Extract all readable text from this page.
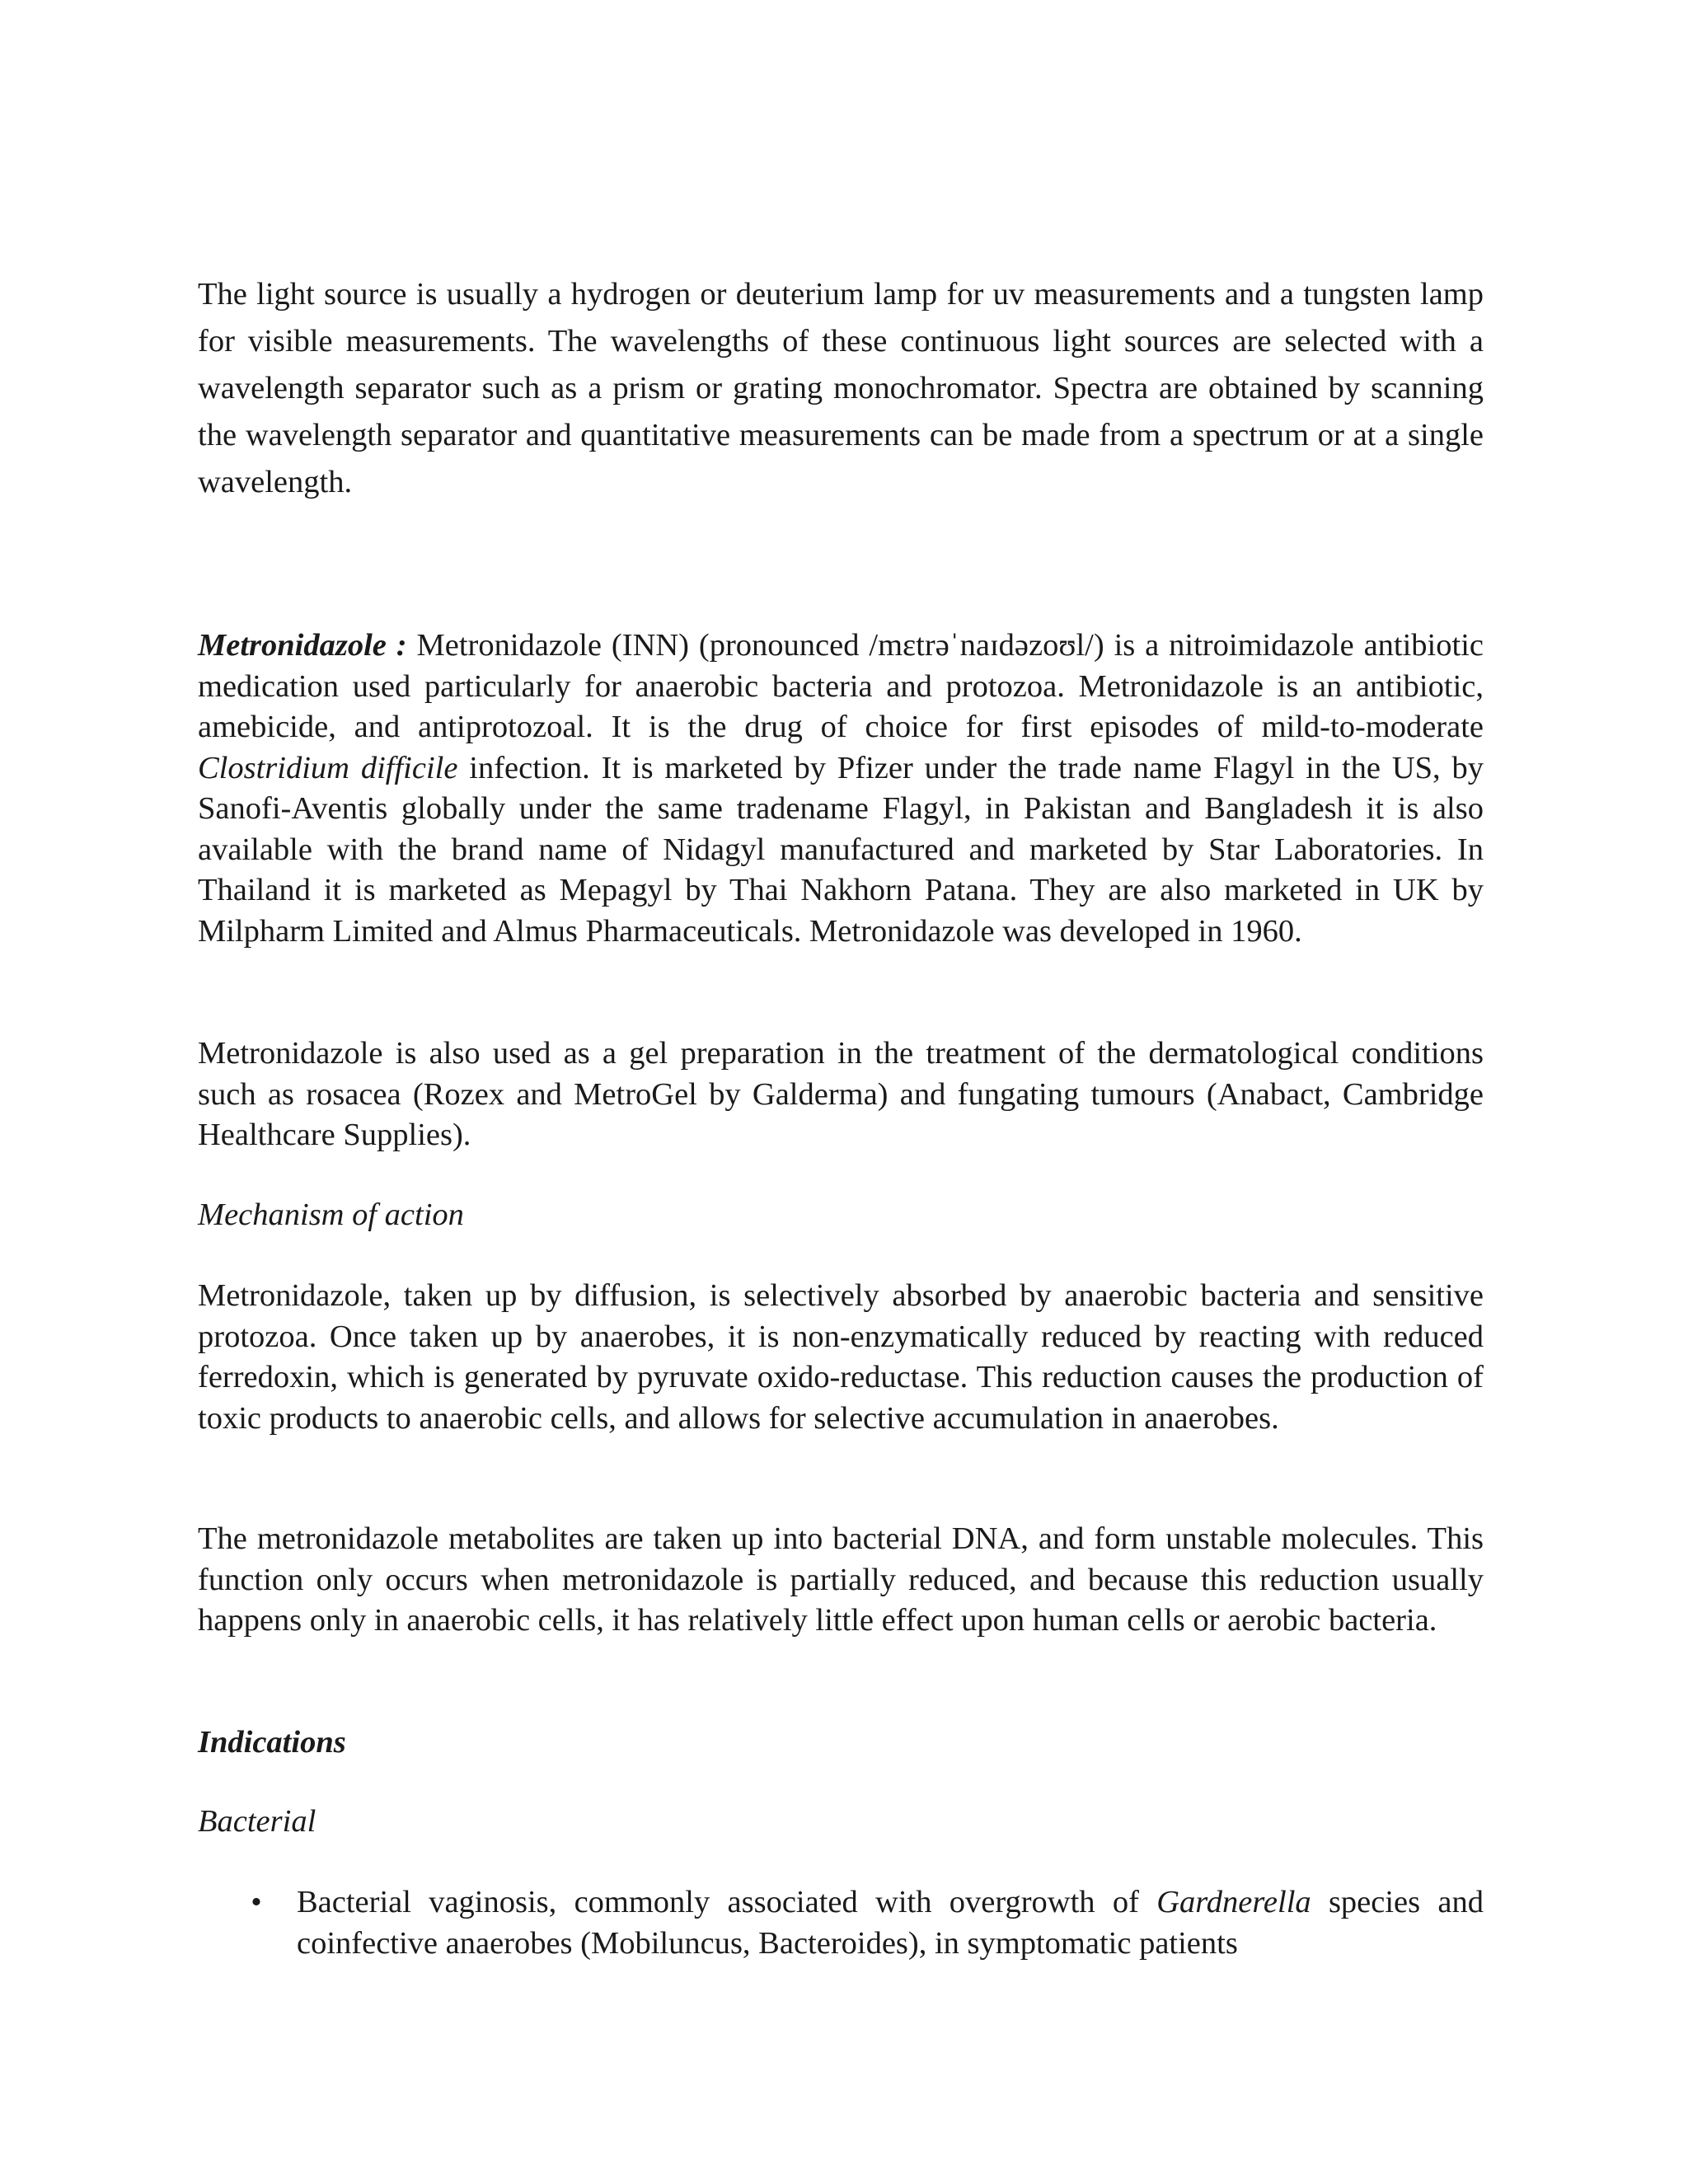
The light source is usually a hydrogen or deuterium lamp for uv measurements and a tungsten lamp for visible measurements. The wavelengths of these continuous light sources are selected with a wavelength separator such as a prism or grating monochromator. Spectra are obtained by scanning the wavelength separator and quantitative measurements can be made from a spectrum or at a single wavelength.

Metronidazole : Metronidazole (INN) (pronounced /mɛtrəˈnaɪdəzoʊl/) is a nitroimidazole antibiotic medication used particularly for anaerobic bacteria and protozoa. Metronidazole is an antibiotic, amebicide, and antiprotozoal. It is the drug of choice for first episodes of mild-to-moderate Clostridium difficile infection. It is marketed by Pfizer under the trade name Flagyl in the US, by Sanofi-Aventis globally under the same tradename Flagyl, in Pakistan and Bangladesh it is also available with the brand name of Nidagyl manufactured and marketed by Star Laboratories. In Thailand it is marketed as Mepagyl by Thai Nakhorn Patana. They are also marketed in UK by Milpharm Limited and Almus Pharmaceuticals. Metronidazole was developed in 1960.

Metronidazole is also used as a gel preparation in the treatment of the dermatological conditions such as rosacea (Rozex and MetroGel by Galderma) and fungating tumours (Anabact, Cambridge Healthcare Supplies).

Mechanism of action

Metronidazole, taken up by diffusion, is selectively absorbed by anaerobic bacteria and sensitive protozoa. Once taken up by anaerobes, it is non-enzymatically reduced by reacting with reduced ferredoxin, which is generated by pyruvate oxido-reductase. This reduction causes the production of toxic products to anaerobic cells, and allows for selective accumulation in anaerobes.

The metronidazole metabolites are taken up into bacterial DNA, and form unstable molecules. This function only occurs when metronidazole is partially reduced, and because this reduction usually happens only in anaerobic cells, it has relatively little effect upon human cells or aerobic bacteria.

Indications

Bacterial

• Bacterial vaginosis, commonly associated with overgrowth of Gardnerella species and coinfective anaerobes (Mobiluncus, Bacteroides), in symptomatic patients
